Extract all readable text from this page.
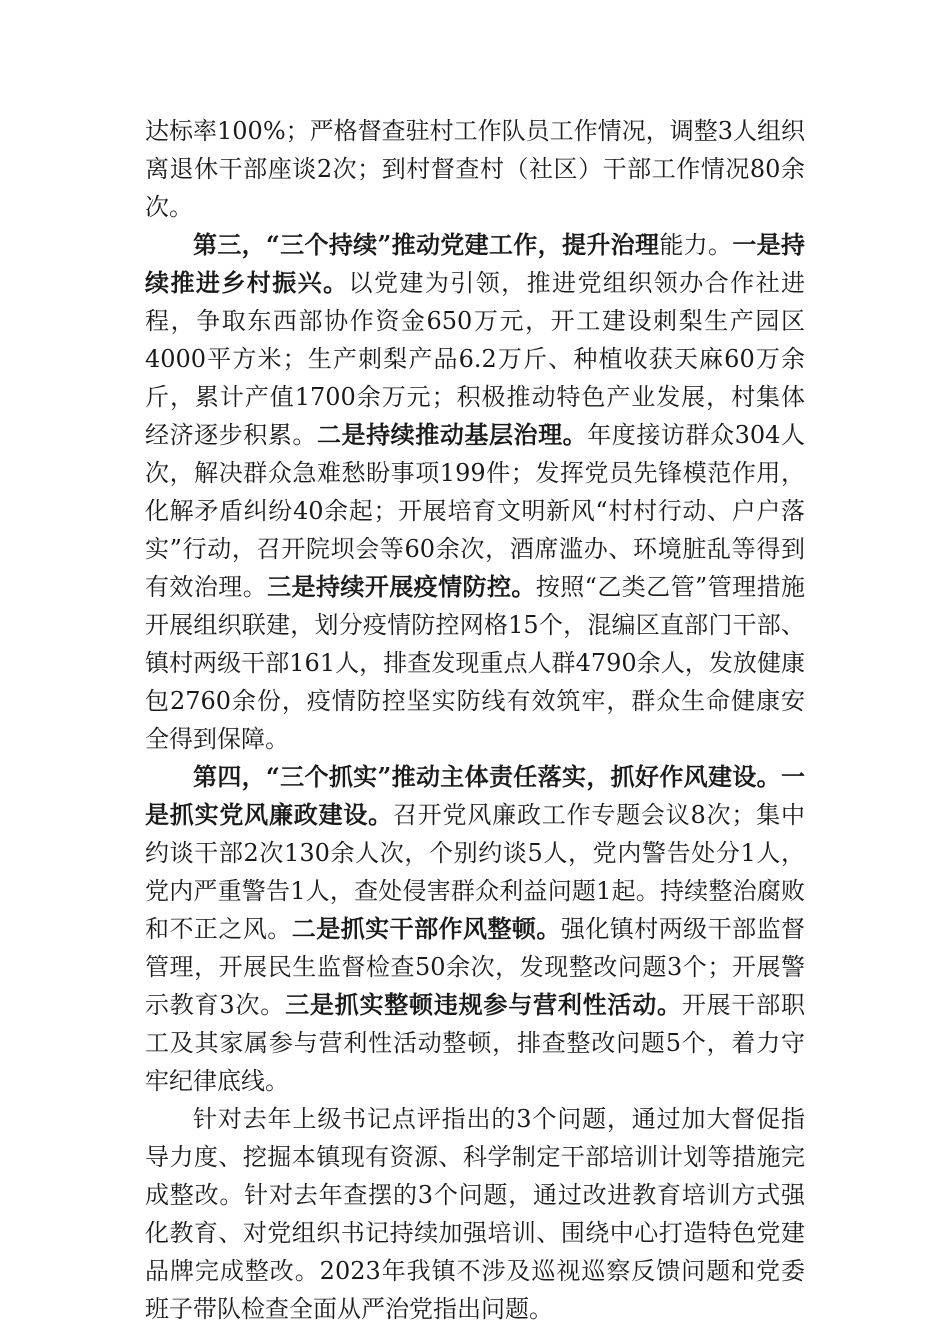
达标率100%；严格督查驻村工作队员工作情况，调整3人组织离退休干部座谈2次；到村督查村（社区）干部工作情况80余次。

第三，“三个持续”推动党建工作，提升治理能力。一是持续推进乡村振兴。以党建为引领，推进党组织领办合作社进程，争取东西部协作资金650万元，开工建设刺梨生产园区4000平方米；生产刺梨产品6.2万斤、种植收获天麻60万余斤，累计产值1700余万元；积极推动特色产业发展，村集体经济逐步积累。二是持续推动基层治理。年度接访群众304人次，解决群众急难愁盼事项199件；发挥党员先锋模范作用，化解矛盾纠纷40余起；开展培育文明新风“村村行动、户户落实”行动，召开院坝会等60余次，酒席滥办、环境脏乱等得到有效治理。三是持续开展疫情防控。按照“乙类乙管”管理措施开展组织联建，划分疫情防控网格15个，混编区直部门干部、镇村两级干部161人，排查发现重点人群4790余人，发放健康包2760余份，疫情防控坚实防线有效筑牢，群众生命健康安全得到保障。

第四，“三个抓实”推动主体责任落实，抓好作风建设。一是抓实党风廉政建设。召开党风廉政工作专题会议8次；集中约谈干部2次130余人次，个别约谈5人，党内警告处分1人，党内严重警告1人，查处侵害群众利益问题1起。持续整治腐败和不正之风。二是抓实干部作风整顿。强化镇村两级干部监督管理，开展民生监督检查50余次，发现整改问题3个；开展警示教育3次。三是抓实整顿违规参与营利性活动。开展干部职工及其家属参与营利性活动整顿，排查整改问题5个，着力守牢纪律底线。

针对去年上级书记点评指出的3个问题，通过加大督促指导力度、挖掘本镇现有资源、科学制定干部培训计划等措施完成整改。针对去年查摆的3个问题，通过改进教育培训方式强化教育、对党组织书记持续加强培训、围绕中心打造特色党建品牌完成整改。2023年我镇不涉及巡视巡察反馈问题和党委班子带队检查全面从严治党指出问题。
